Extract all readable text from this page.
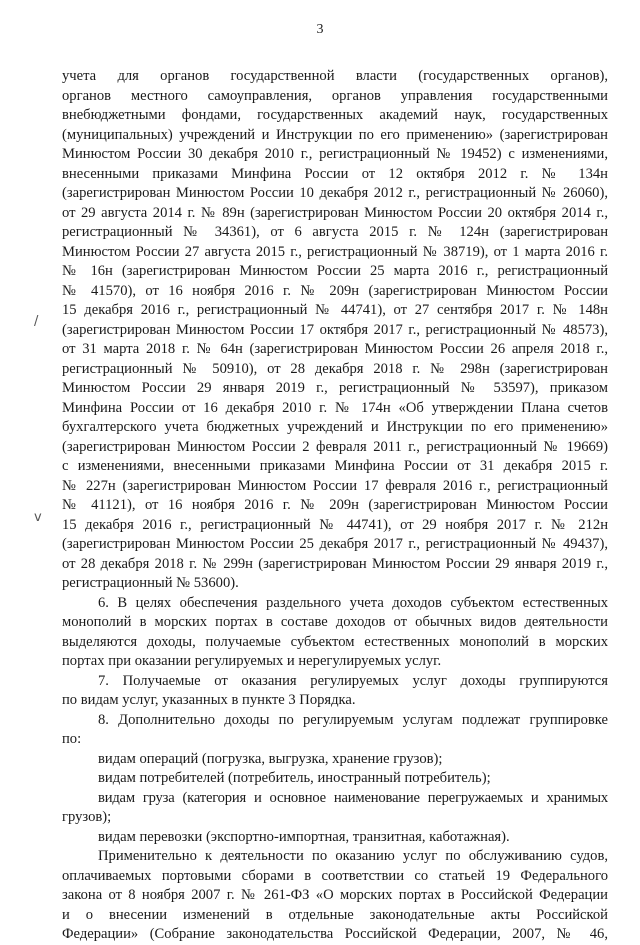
3
/
v
учета для органов государственной власти (государственных органов),
органов местного самоуправления, органов управления государственными
внебюджетными фондами, государственных академий наук, государственных
(муниципальных) учреждений и Инструкции по его применению» (зарегистрирован
Минюстом России 30 декабря 2010 г., регистрационный № 19452) с изменениями,
внесенными приказами Минфина России от 12 октября 2012 г. № 134н
(зарегистрирован Минюстом России 10 декабря 2012 г., регистрационный № 26060),
от 29 августа 2014 г. № 89н (зарегистрирован Минюстом России 20 октября 2014 г.,
регистрационный № 34361), от 6 августа 2015 г. № 124н (зарегистрирован
Минюстом России 27 августа 2015 г., регистрационный № 38719), от 1 марта 2016 г.
№ 16н (зарегистрирован Минюстом России 25 марта 2016 г., регистрационный
№ 41570), от 16 ноября 2016 г. № 209н (зарегистрирован Минюстом России
15 декабря 2016 г., регистрационный № 44741), от 27 сентября 2017 г. № 148н
(зарегистрирован Минюстом России 17 октября 2017 г., регистрационный № 48573),
от 31 марта 2018 г. № 64н (зарегистрирован Минюстом России 26 апреля 2018 г.,
регистрационный № 50910), от 28 декабря 2018 г. № 298н (зарегистрирован
Минюстом России 29 января 2019 г., регистрационный № 53597), приказом
Минфина России от 16 декабря 2010 г. № 174н «Об утверждении Плана счетов
бухгалтерского учета бюджетных учреждений и Инструкции по его применению»
(зарегистрирован Минюстом России 2 февраля 2011 г., регистрационный № 19669)
с изменениями, внесенными приказами Минфина России от 31 декабря 2015 г.
№ 227н (зарегистрирован Минюстом России 17 февраля 2016 г., регистрационный
№ 41121), от 16 ноября 2016 г. № 209н (зарегистрирован Минюстом России
15 декабря 2016 г., регистрационный № 44741), от 29 ноября 2017 г. № 212н
(зарегистрирован Минюстом России 25 декабря 2017 г., регистрационный № 49437),
от 28 декабря 2018 г. № 299н (зарегистрирован Минюстом России 29 января 2019 г.,
регистрационный № 53600).
6. В целях обеспечения раздельного учета доходов субъектом естественных
монополий в морских портах в составе доходов от обычных видов деятельности
выделяются доходы, получаемые субъектом естественных монополий в морских
портах при оказании регулируемых и нерегулируемых услуг.
7. Получаемые от оказания регулируемых услуг доходы группируются
по видам услуг, указанных в пункте 3 Порядка.
8. Дополнительно доходы по регулируемым услугам подлежат группировке
по:
видам операций (погрузка, выгрузка, хранение грузов);
видам потребителей (потребитель, иностранный потребитель);
видам груза (категория и основное наименование перегружаемых и хранимых
грузов);
видам перевозки (экспортно-импортная, транзитная, каботажная).
Применительно к деятельности по оказанию услуг по обслуживанию судов,
оплачиваемых портовыми сборами в соответствии со статьей 19 Федерального
закона от 8 ноября 2007 г. № 261-ФЗ «О морских портах в Российской Федерации
и о внесении изменений в отдельные законодательные акты Российской
Федерации» (Собрание законодательства Российской Федерации, 2007, № 46,
